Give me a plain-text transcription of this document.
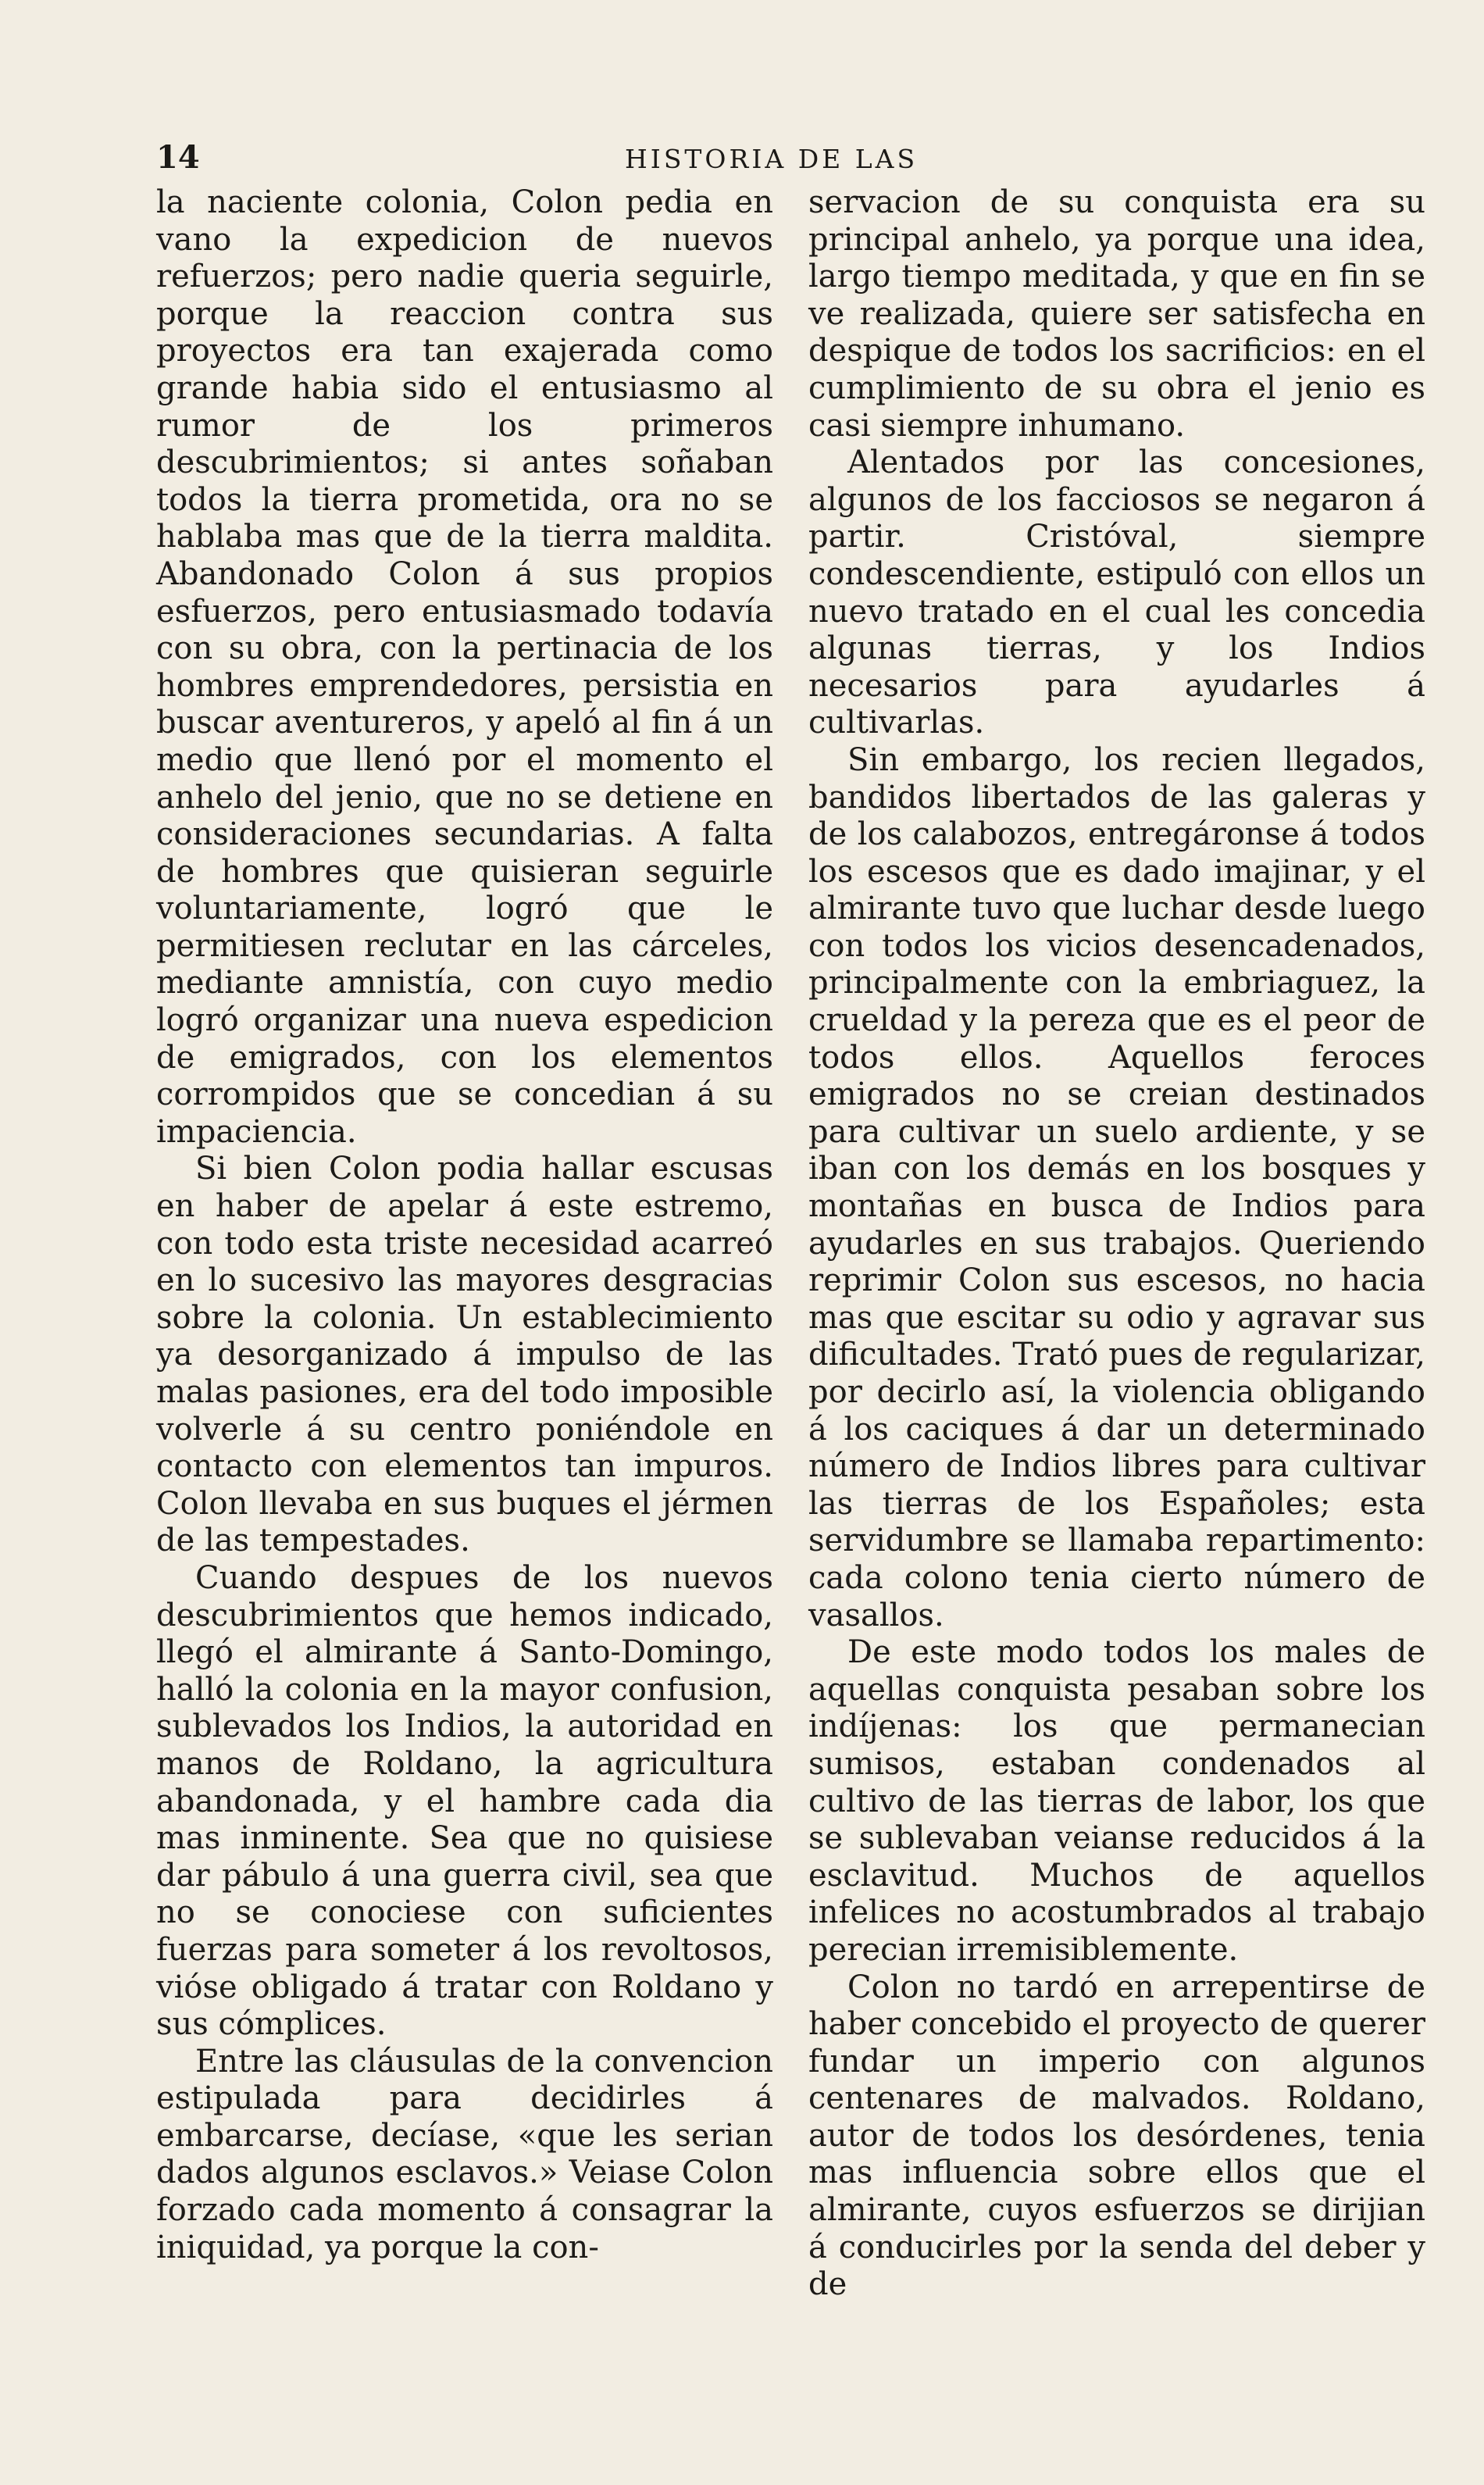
14	HISTORIA DE LAS

la naciente colonia, Colon pedia en vano la expedicion de nuevos refuerzos; pero nadie queria seguirle, porque la reaccion contra sus proyectos era tan exajerada como grande habia sido el entusiasmo al rumor de los primeros descubrimientos; si antes soñaban todos la tierra prometida, ora no se hablaba mas que de la tierra maldita. Abandonado Colon á sus propios esfuerzos, pero entusiasmado todavía con su obra, con la pertinacia de los hombres emprendedores, persistia en buscar aventureros, y apeló al fin á un medio que llenó por el momento el anhelo del jenio, que no se detiene en consideraciones secundarias. A falta de hombres que quisieran seguirle voluntariamente, logró que le permitiesen reclutar en las cárceles, mediante amnistía, con cuyo medio logró organizar una nueva espedicion de emigrados, con los elementos corrompidos que se concedian á su impaciencia.

Si bien Colon podia hallar escusas en haber de apelar á este estremo, con todo esta triste necesidad acarreó en lo sucesivo las mayores desgracias sobre la colonia. Un establecimiento ya desorganizado á impulso de las malas pasiones, era del todo imposible volverle á su centro poniéndole en contacto con elementos tan impuros. Colon llevaba en sus buques el jérmen de las tempestades.

Cuando despues de los nuevos descubrimientos que hemos indicado, llegó el almirante á Santo-Domingo, halló la colonia en la mayor confusion, sublevados los Indios, la autoridad en manos de Roldano, la agricultura abandonada, y el hambre cada dia mas inminente. Sea que no quisiese dar pábulo á una guerra civil, sea que no se conociese con suficientes fuerzas para someter á los revoltosos, vióse obligado á tratar con Roldano y sus cómplices.

Entre las cláusulas de la convencion estipulada para decidirles á embarcarse, decíase, «que les serian dados algunos esclavos.» Veiase Colon forzado cada momento á consagrar la iniquidad, ya porque la con-

servacion de su conquista era su principal anhelo, ya porque una idea, largo tiempo meditada, y que en fin se ve realizada, quiere ser satisfecha en despique de todos los sacrificios: en el cumplimiento de su obra el jenio es casi siempre inhumano.

Alentados por las concesiones, algunos de los facciosos se negaron á partir. Cristóval, siempre condescendiente, estipuló con ellos un nuevo tratado en el cual les concedia algunas tierras, y los Indios necesarios para ayudarles á cultivarlas.

Sin embargo, los recien llegados, bandidos libertados de las galeras y de los calabozos, entregáronse á todos los escesos que es dado imajinar, y el almirante tuvo que luchar desde luego con todos los vicios desencadenados, principalmente con la embriaguez, la crueldad y la pereza que es el peor de todos ellos. Aquellos feroces emigrados no se creian destinados para cultivar un suelo ardiente, y se iban con los demás en los bosques y montañas en busca de Indios para ayudarles en sus trabajos. Queriendo reprimir Colon sus escesos, no hacia mas que escitar su odio y agravar sus dificultades. Trató pues de regularizar, por decirlo así, la violencia obligando á los caciques á dar un determinado número de Indios libres para cultivar las tierras de los Españoles; esta servidumbre se llamaba repartimento: cada colono tenia cierto número de vasallos.

De este modo todos los males de aquellas conquista pesaban sobre los indíjenas: los que permanecian sumisos, estaban condenados al cultivo de las tierras de labor, los que se sublevaban veianse reducidos á la esclavitud. Muchos de aquellos infelices no acostumbrados al trabajo perecian irremisiblemente.

Colon no tardó en arrepentirse de haber concebido el proyecto de querer fundar un imperio con algunos centenares de malvados. Roldano, autor de todos los desórdenes, tenia mas influencia sobre ellos que el almirante, cuyos esfuerzos se dirijian á conducirles por la senda del deber y de
